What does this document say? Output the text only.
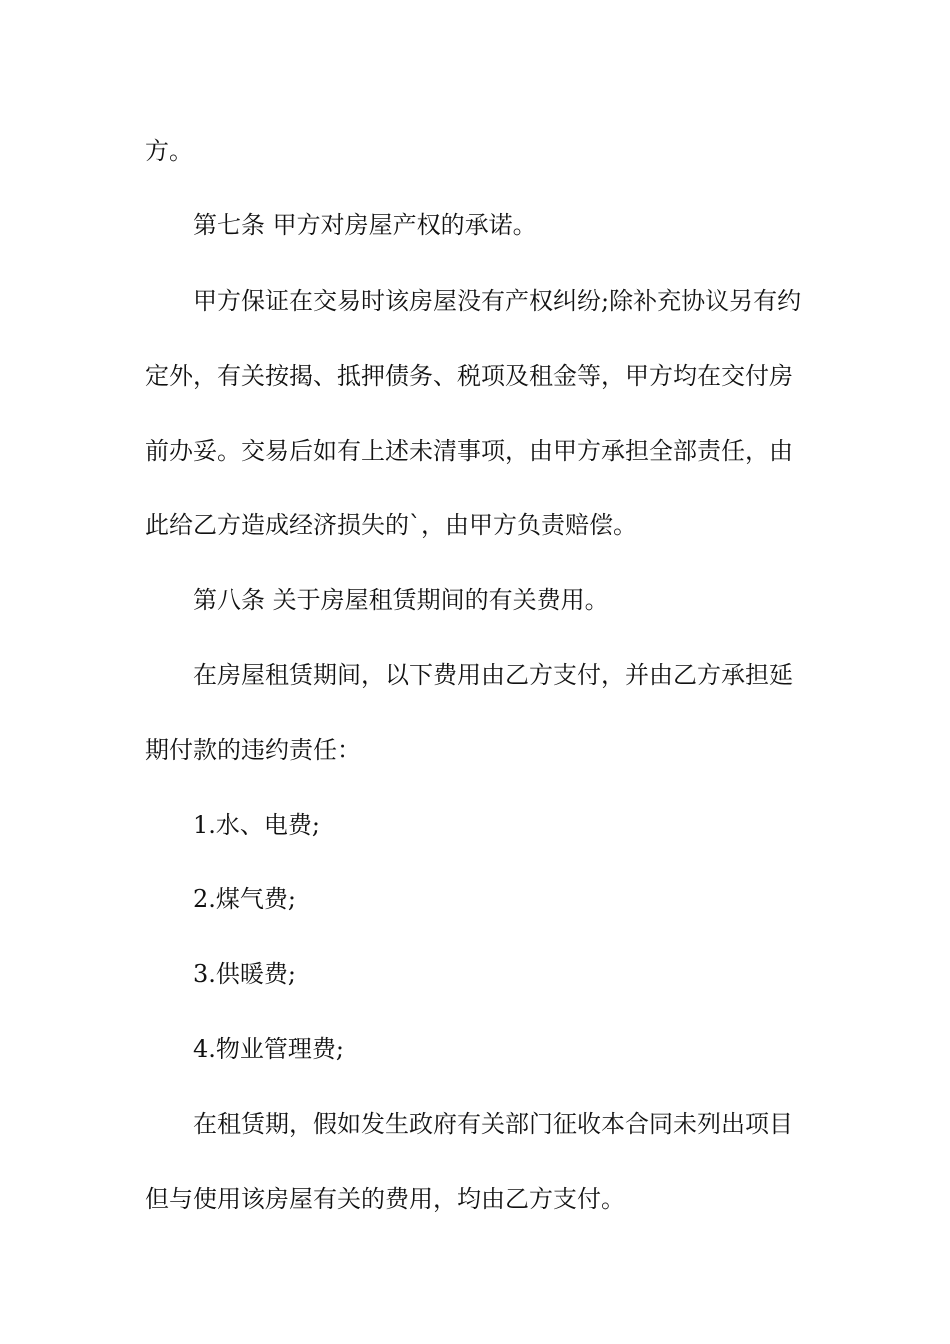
方。
第七条 甲方对房屋产权的承诺。
甲方保证在交易时该房屋没有产权纠纷;除补充协议另有约
定外，有关按揭、抵押债务、税项及租金等，甲方均在交付房
前办妥。交易后如有上述未清事项，由甲方承担全部责任，由
此给乙方造成经济损失的`，由甲方负责赔偿。
第八条 关于房屋租赁期间的有关费用。
在房屋租赁期间，以下费用由乙方支付，并由乙方承担延
期付款的违约责任：
1.水、电费;
2.煤气费;
3.供暖费;
4.物业管理费;
在租赁期，假如发生政府有关部门征收本合同未列出项目
但与使用该房屋有关的费用，均由乙方支付。
